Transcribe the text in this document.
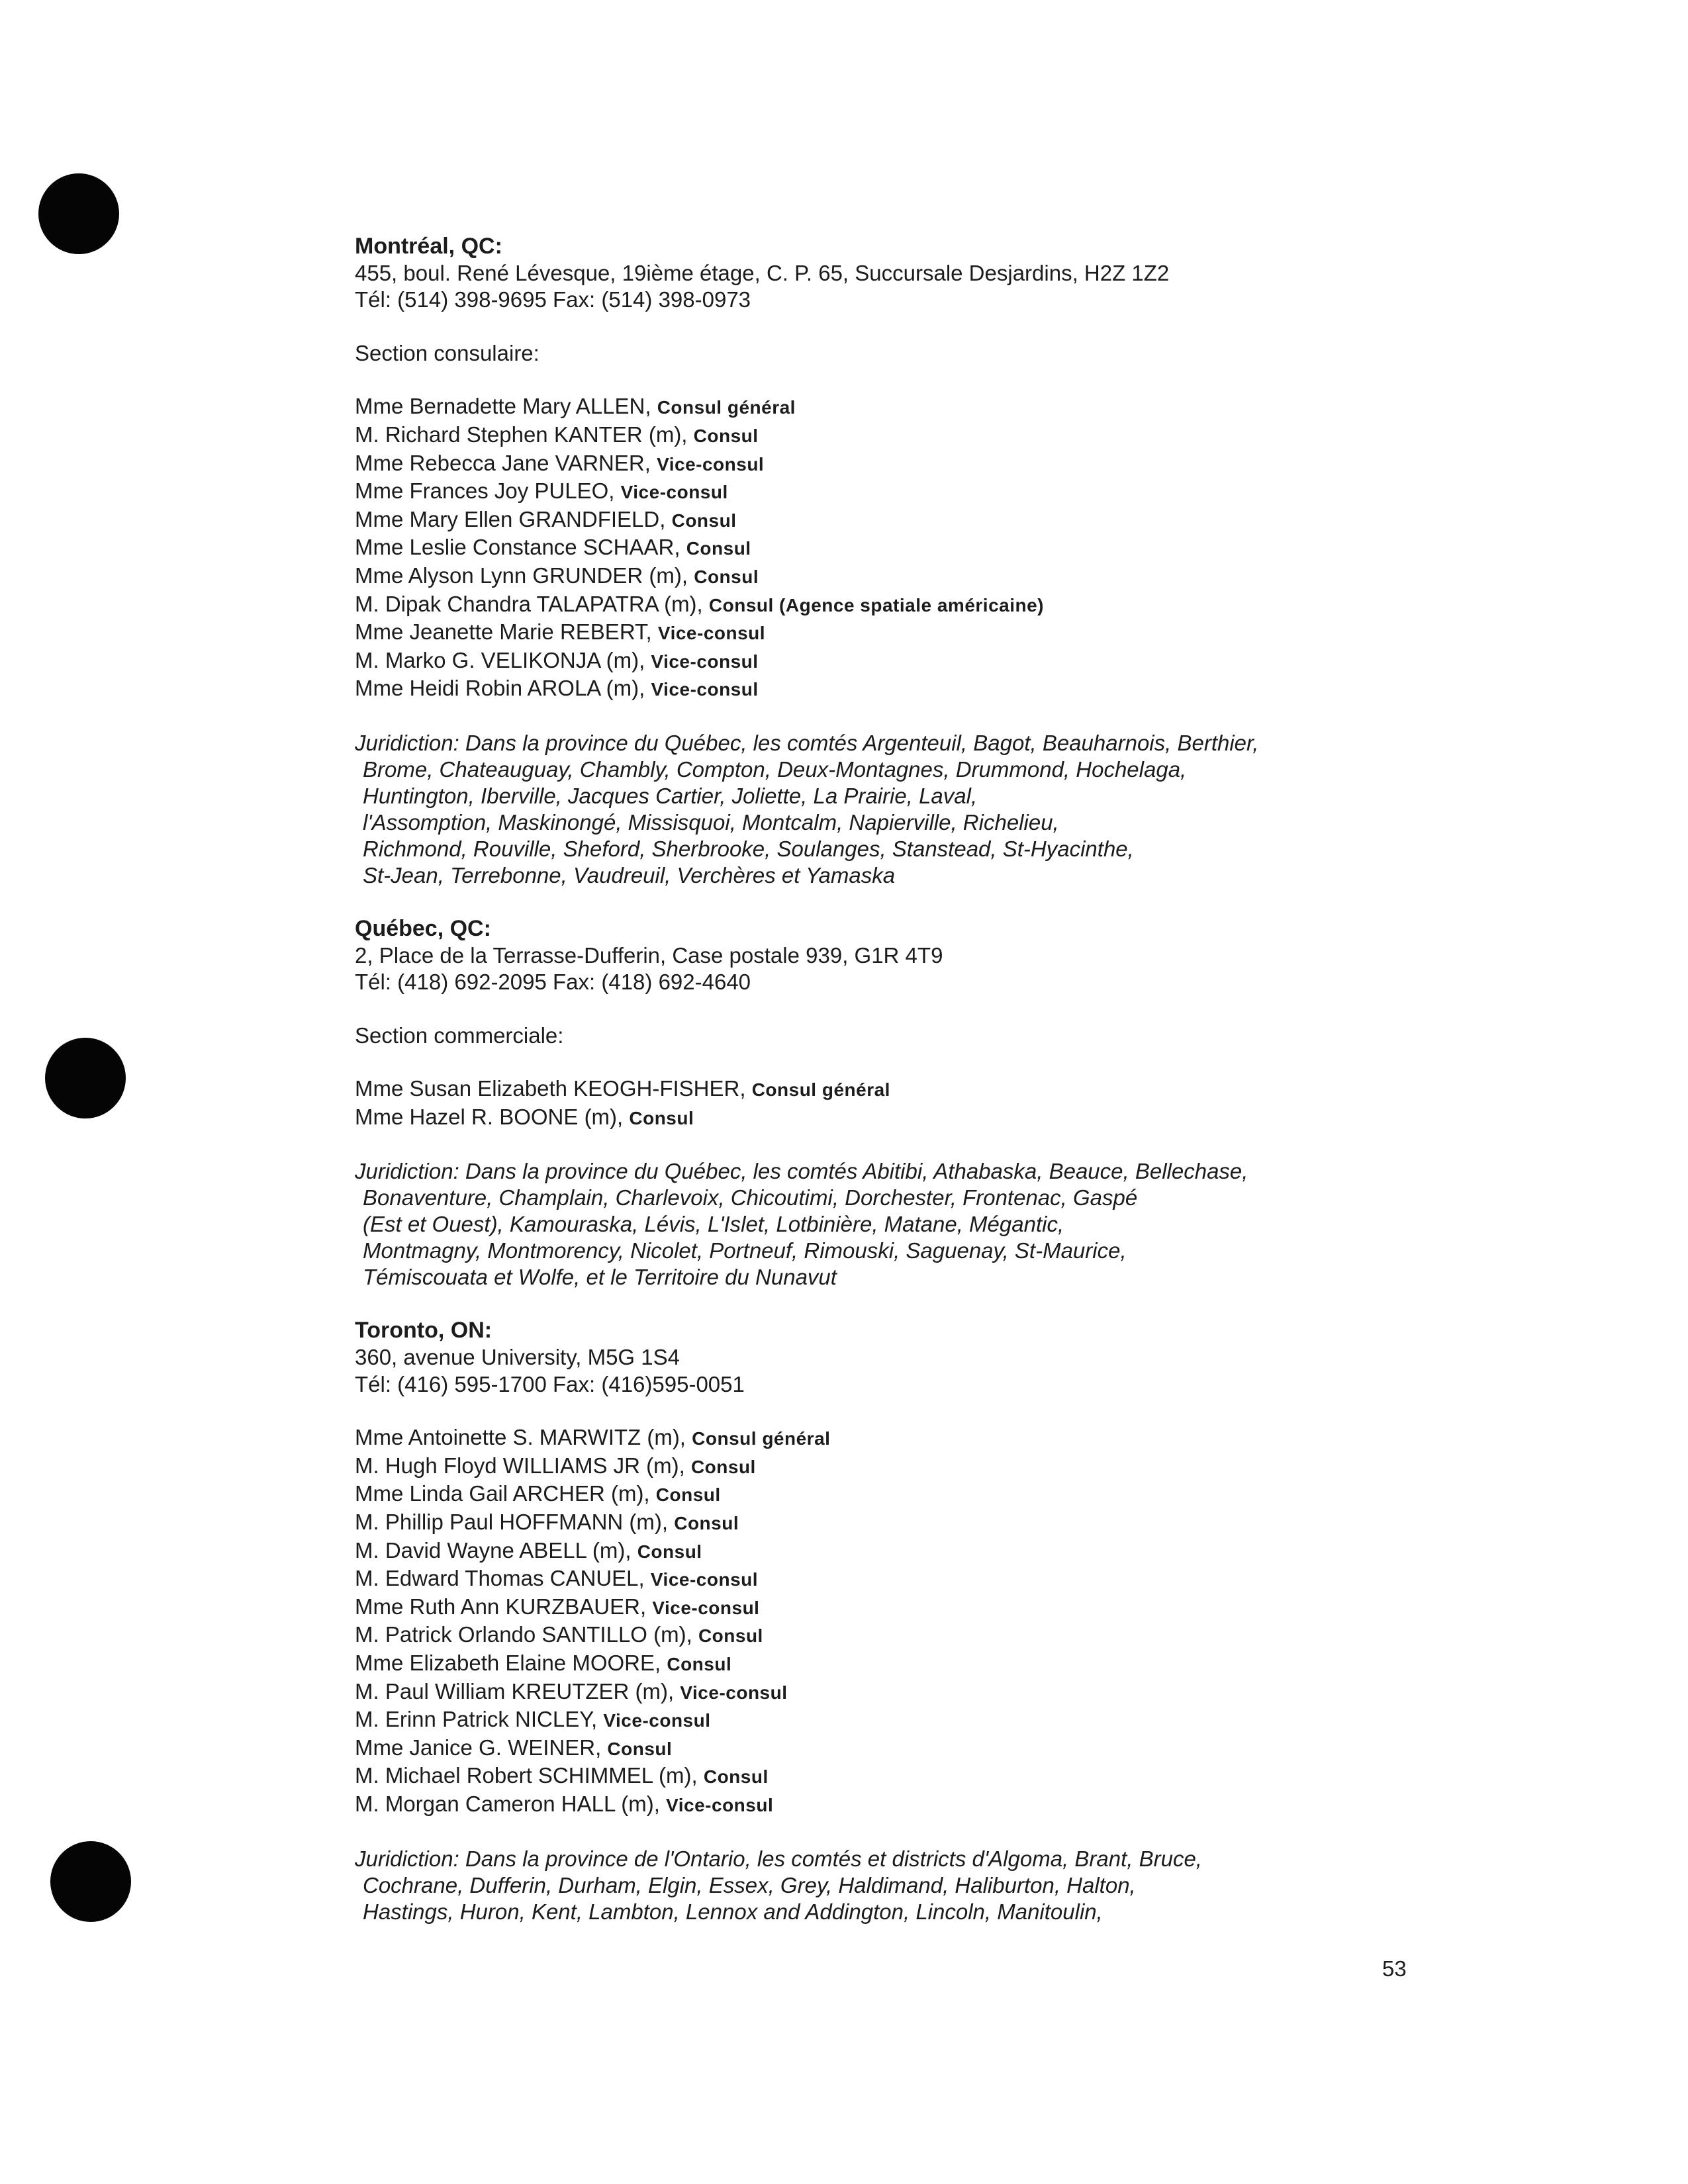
Montréal, QC:
455, boul. René Lévesque, 19ième étage, C. P. 65, Succursale Desjardins, H2Z 1Z2
Tél: (514) 398-9695 Fax: (514) 398-0973
Section consulaire:
Mme Bernadette Mary ALLEN, Consul général
M. Richard Stephen KANTER (m), Consul
Mme Rebecca Jane VARNER, Vice-consul
Mme Frances Joy PULEO, Vice-consul
Mme Mary Ellen GRANDFIELD, Consul
Mme Leslie Constance SCHAAR, Consul
Mme Alyson Lynn GRUNDER (m), Consul
M. Dipak Chandra TALAPATRA (m), Consul (Agence spatiale américaine)
Mme Jeanette Marie REBERT, Vice-consul
M. Marko G. VELIKONJA (m), Vice-consul
Mme Heidi Robin AROLA (m), Vice-consul
Juridiction: Dans la province du Québec, les comtés Argenteuil, Bagot, Beauharnois, Berthier,
Brome, Chateauguay, Chambly, Compton, Deux-Montagnes, Drummond, Hochelaga,
Huntington, Iberville, Jacques Cartier, Joliette, La Prairie, Laval,
l'Assomption, Maskinongé, Missisquoi, Montcalm, Napierville, Richelieu,
Richmond, Rouville, Sheford, Sherbrooke, Soulanges, Stanstead, St-Hyacinthe,
St-Jean, Terrebonne, Vaudreuil, Verchères et Yamaska
Québec, QC:
2, Place de la Terrasse-Dufferin, Case postale 939, G1R 4T9
Tél: (418) 692-2095 Fax: (418) 692-4640
Section commerciale:
Mme Susan Elizabeth KEOGH-FISHER, Consul général
Mme Hazel R. BOONE (m), Consul
Juridiction: Dans la province du Québec, les comtés Abitibi, Athabaska, Beauce, Bellechase,
Bonaventure, Champlain, Charlevoix, Chicoutimi, Dorchester, Frontenac, Gaspé
(Est et Ouest), Kamouraska, Lévis, L'Islet, Lotbinière, Matane, Mégantic,
Montmagny, Montmorency, Nicolet, Portneuf, Rimouski, Saguenay, St-Maurice,
Témiscouata et Wolfe, et le Territoire du Nunavut
Toronto, ON:
360, avenue University, M5G 1S4
Tél: (416) 595-1700 Fax: (416)595-0051
Mme Antoinette S. MARWITZ (m), Consul général
M. Hugh Floyd WILLIAMS JR (m), Consul
Mme Linda Gail ARCHER (m), Consul
M. Phillip Paul HOFFMANN (m), Consul
M. David Wayne ABELL (m), Consul
M. Edward Thomas CANUEL, Vice-consul
Mme Ruth Ann KURZBAUER, Vice-consul
M. Patrick Orlando SANTILLO (m), Consul
Mme Elizabeth Elaine MOORE, Consul
M. Paul William KREUTZER (m), Vice-consul
M. Erinn Patrick NICLEY, Vice-consul
Mme Janice G. WEINER, Consul
M. Michael Robert SCHIMMEL (m), Consul
M. Morgan Cameron HALL (m), Vice-consul
Juridiction: Dans la province de l'Ontario, les comtés et districts d'Algoma, Brant, Bruce,
Cochrane, Dufferin, Durham, Elgin, Essex, Grey, Haldimand, Haliburton, Halton,
Hastings, Huron, Kent, Lambton, Lennox and Addington, Lincoln, Manitoulin,
53
